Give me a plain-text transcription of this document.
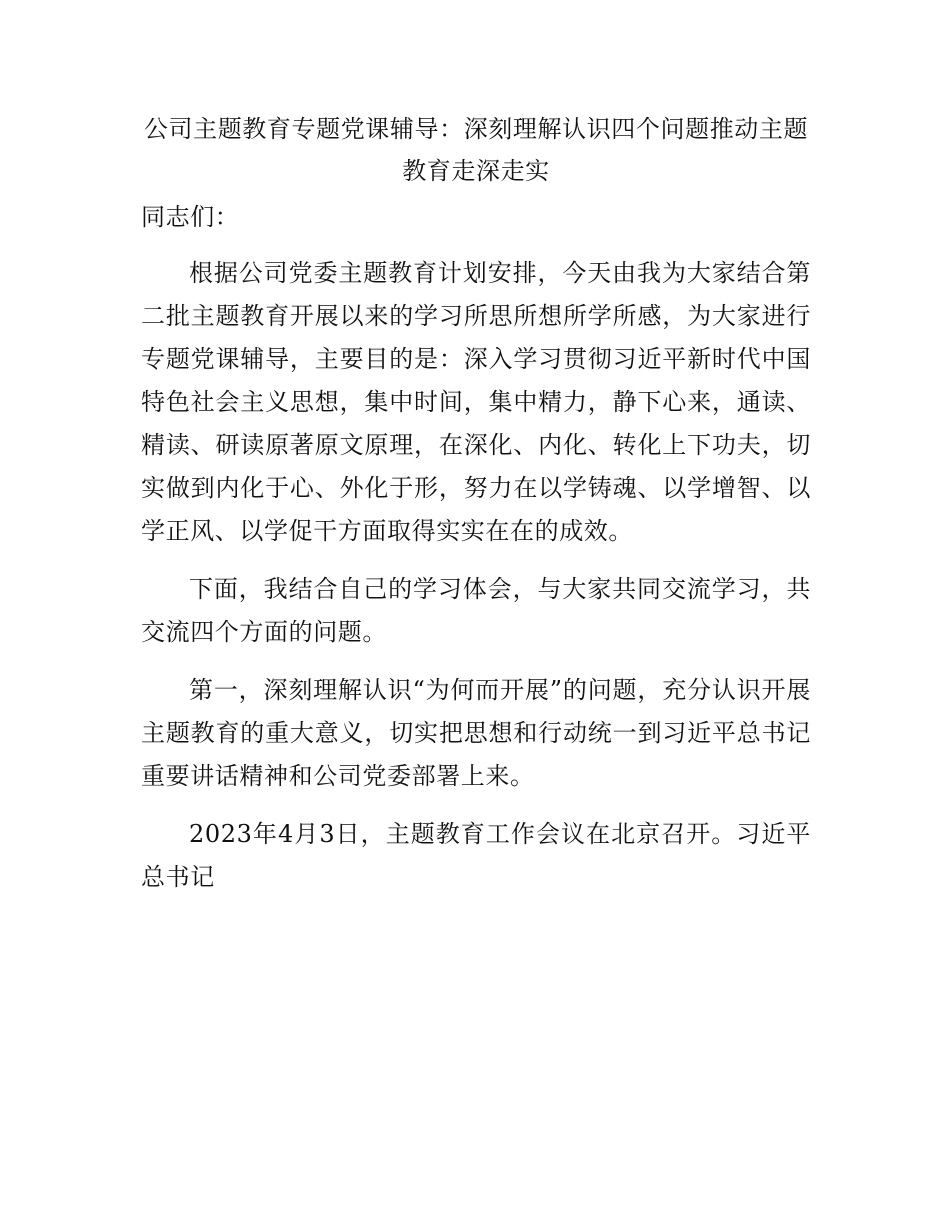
公司主题教育专题党课辅导：深刻理解认识四个问题推动主题教育走深走实

同志们：

根据公司党委主题教育计划安排，今天由我为大家结合第二批主题教育开展以来的学习所思所想所学所感，为大家进行专题党课辅导，主要目的是：深入学习贯彻习近平新时代中国特色社会主义思想，集中时间，集中精力，静下心来，通读、精读、研读原著原文原理，在深化、内化、转化上下功夫，切实做到内化于心、外化于形，努力在以学铸魂、以学增智、以学正风、以学促干方面取得实实在在的成效。

下面，我结合自己的学习体会，与大家共同交流学习，共交流四个方面的问题。

第一，深刻理解认识“为何而开展”的问题，充分认识开展主题教育的重大意义，切实把思想和行动统一到习近平总书记重要讲话精神和公司党委部署上来。

2023年4月3日，主题教育工作会议在北京召开。习近平总书记
